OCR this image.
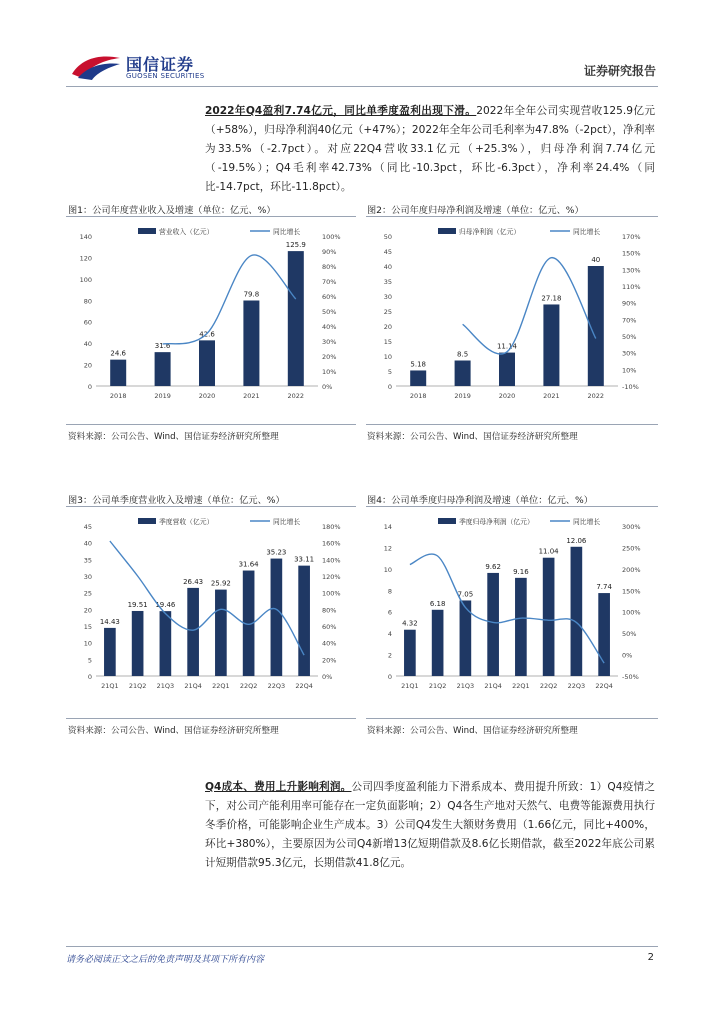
国信证券
GUOSEN SECURITIES	证券研究报告
2022年Q4盈利7.74亿元，同比单季度盈利出现下滑。2022年全年公司实现营收125.9亿元（+58%），归母净利润40亿元（+47%）；2022年全年公司毛利率为47.8%（-2pct），净利率为33.5%（-2.7pct）。对应22Q4营收33.1亿元（+25.3%），归母净利润7.74亿元（-19.5%）；Q4毛利率42.73%（同比-10.3pct，环比-6.3pct），净利率24.4%（同比-14.7pct，环比-11.8pct）。
图1：公司年度营业收入及增速（单位：亿元、%）	图2：公司年度归母净利润及增速（单位：亿元、%）
0
20
40
60
80
100
120
140
0%
10%
20%
30%
40%
50%
60%
70%
80%
90%
100%
24.6
31.6
42.6
79.8
125.9
2018	2019	2020	2021	2022
营业收入（亿元）	同比增长
0
5
10
15
20
25
30
35
40
45
50
-10%
10%
30%
50%
70%
90%
110%
130%
150%
170%
5.18
8.5
11.14
27.18
40
2018	2019	2020	2021	2022
归母净利润（亿元）	同比增长
资料来源：公司公告、Wind、国信证券经济研究所整理	资料来源：公司公告、Wind、国信证券经济研究所整理
图3：公司单季度营业收入及增速（单位：亿元、%）	图4：公司单季度归母净利润及增速（单位：亿元、%）
0
5
10
15
20
25
30
35
40
45
0%
20%
40%
60%
80%
100%
120%
140%
160%
180%
14.43
19.51 19.46
26.43 25.92
31.64
35.23
33.11
21Q1 21Q2 21Q3 21Q4 22Q1 22Q2 22Q3 22Q4
季度营收（亿元）	同比增长
0
2
4
6
8
10
12
14
-50%
0%
50%
100%
150%
200%
250%
300%
4.32
6.18
7.05
9.62
9.16
11.04
12.06
7.74
21Q1 21Q2 21Q3 21Q4 22Q1 22Q2 22Q3 22Q4
季度归母净利润（亿元）	同比增长
资料来源：公司公告、Wind、国信证券经济研究所整理	资料来源：公司公告、Wind、国信证券经济研究所整理
Q4成本、费用上升影响利润。公司四季度盈利能力下滑系成本、费用提升所致：1）Q4疫情之下，对公司产能利用率可能存在一定负面影响；2）Q4各生产地对天然气、电费等能源费用执行冬季价格，可能影响企业生产成本。3）公司Q4发生大额财务费用（1.66亿元，同比+400%，环比+380%），主要原因为公司Q4新增13亿短期借款及8.6亿长期借款，截至2022年底公司累计短期借款95.3亿元，长期借款41.8亿元。
请务必阅读正文之后的免责声明及其项下所有内容	2
